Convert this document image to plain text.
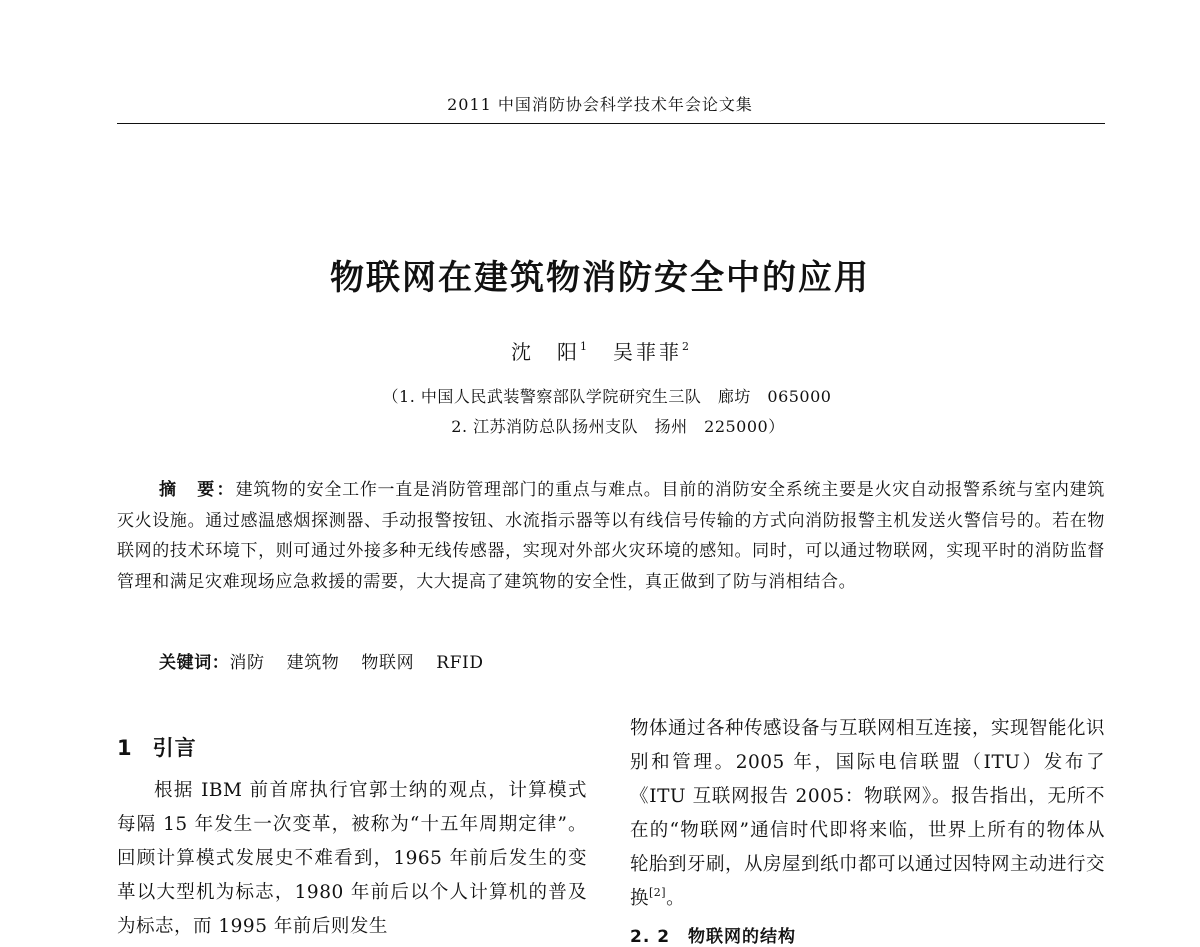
2011 中国消防协会科学技术年会论文集
物联网在建筑物消防安全中的应用
沈　阳$^1$ 吴菲菲$^2$
（1. 中国人民武装警察部队学院研究生三队　廊坊　065000
2. 江苏消防总队扬州支队　扬州　225000）
摘　要：建筑物的安全工作一直是消防管理部门的重点与难点。目前的消防安全系统主要是火灾自动报警系统与室内建筑灭火设施。通过感温感烟探测器、手动报警按钮、水流指示器等以有线信号传输的方式向消防报警主机发送火警信号的。若在物联网的技术环境下，则可通过外接多种无线传感器，实现对外部火灾环境的感知。同时，可以通过物联网，实现平时的消防监督管理和满足灾难现场应急救援的需要，大大提高了建筑物的安全性，真正做到了防与消相结合。
关键词：消防 建筑物 物联网 RFID
1 引言
根据 IBM 前首席执行官郭士纳的观点，计算模式每隔 15 年发生一次变革，被称为“十五年周期定律”。回顾计算模式发展史不难看到，1965 年前后发生的变革以大型机为标志，1980 年前后以个人计算机的普及为标志，而 1995 年前后则发生
物体通过各种传感设备与互联网相互连接，实现智能化识别和管理。2005 年，国际电信联盟（ITU）发布了《ITU 互联网报告 2005：物联网》。报告指出，无所不在的“物联网”通信时代即将来临，世界上所有的物体从轮胎到牙刷，从房屋到纸巾都可以通过因特网主动进行交换[2]。
2. 2 物联网的结构
